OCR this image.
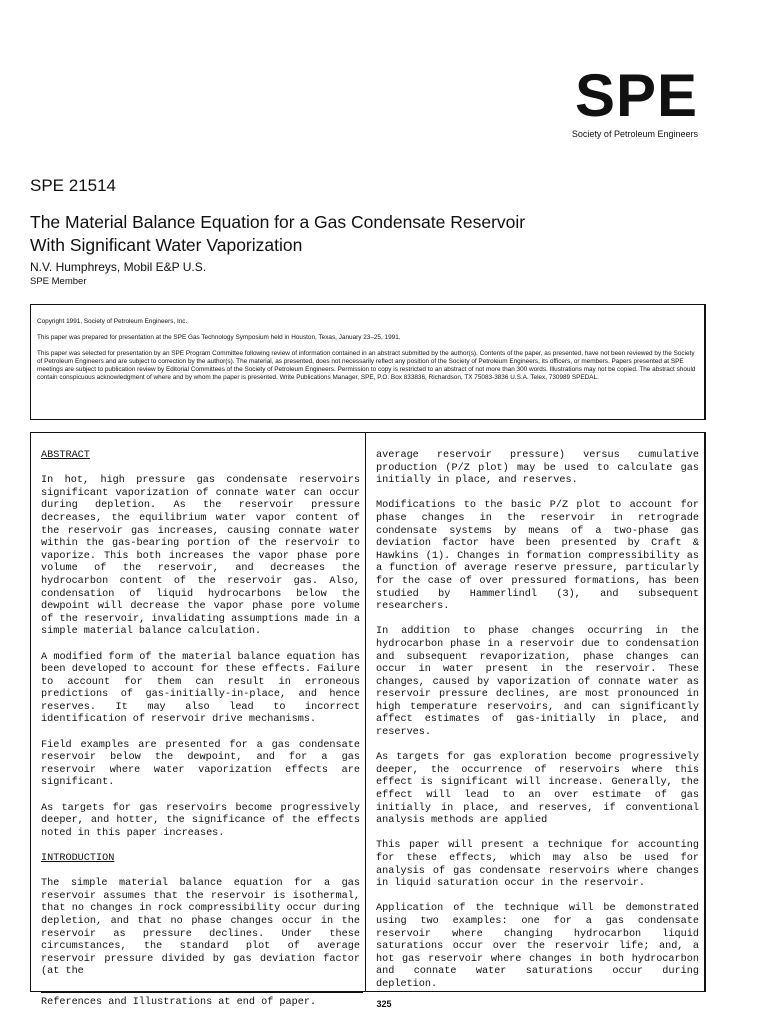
SPE
Society of Petroleum Engineers
SPE 21514
The Material Balance Equation for a Gas Condensate Reservoir
With Significant Water Vaporization
N.V. Humphreys, Mobil E&P U.S.
SPE Member

Copyright 1991, Society of Petroleum Engineers, Inc.

This paper was prepared for presentation at the SPE Gas Technology Symposium held in Houston, Texas, January 23–25, 1991.

This paper was selected for presentation by an SPE Program Committee following review of information contained in an abstract submitted by the author(s). Contents of the paper, as presented, have not been reviewed by the Society of Petroleum Engineers and are subject to correction by the author(s). The material, as presented, does not necessarily reflect any position of the Society of Petroleum Engineers, its officers, or members. Papers presented at SPE meetings are subject to publication review by Editorial Committees of the Society of Petroleum Engineers. Permission to copy is restricted to an abstract of not more than 300 words. Illustrations may not be copied. The abstract should contain conspicuous acknowledgment of where and by whom the paper is presented. Write Publications Manager, SPE, P.O. Box 833836, Richardson, TX 75083-3836 U.S.A. Telex, 730989 SPEDAL.

ABSTRACT

In hot, high pressure gas condensate reservoirs significant vaporization of connate water can occur during depletion. As the reservoir pressure decreases, the equilibrium water vapor content of the reservoir gas increases, causing connate water within the gas-bearing portion of the reservoir to vaporize. This both increases the vapor phase pore volume of the reservoir, and decreases the hydrocarbon content of the reservoir gas. Also, condensation of liquid hydrocarbons below the dewpoint will decrease the vapor phase pore volume of the reservoir, invalidating assumptions made in a simple material balance calculation.

A modified form of the material balance equation has been developed to account for these effects. Failure to account for them can result in erroneous predictions of gas-initially-in-place, and hence reserves. It may also lead to incorrect identification of reservoir drive mechanisms.

Field examples are presented for a gas condensate reservoir below the dewpoint, and for a gas reservoir where water vaporization effects are significant.

As targets for gas reservoirs become progressively deeper, and hotter, the significance of the effects noted in this paper increases.

INTRODUCTION

The simple material balance equation for a gas reservoir assumes that the reservoir is isothermal, that no changes in rock compressibility occur during depletion, and that no phase changes occur in the reservoir as pressure declines. Under these circumstances, the standard plot of average reservoir pressure divided by gas deviation factor (at the

References and Illustrations at end of paper.

average reservoir pressure) versus cumulative production (P/Z plot) may be used to calculate gas initially in place, and reserves.

Modifications to the basic P/Z plot to account for phase changes in the reservoir in retrograde condensate systems by means of a two-phase gas deviation factor have been presented by Craft & Hawkins (1). Changes in formation compressibility as a function of average reserve pressure, particularly for the case of over pressured formations, has been studied by Hammerlindl (3), and subsequent researchers.

In addition to phase changes occurring in the hydrocarbon phase in a reservoir due to condensation and subsequent revaporization, phase changes can occur in water present in the reservoir. These changes, caused by vaporization of connate water as reservoir pressure declines, are most pronounced in high temperature reservoirs, and can significantly affect estimates of gas-initially in place, and reserves.

As targets for gas exploration become progressively deeper, the occurrence of reservoirs where this effect is significant will increase. Generally, the effect will lead to an over estimate of gas initially in place, and reserves, if conventional analysis methods are applied

This paper will present a technique for accounting for these effects, which may also be used for analysis of gas condensate reservoirs where changes in liquid saturation occur in the reservoir.

Application of the technique will be demonstrated using two examples: one for a gas condensate reservoir where changing hydrocarbon liquid saturations occur over the reservoir life; and, a hot gas reservoir where changes in both hydrocarbon and connate water saturations occur during depletion.

325
